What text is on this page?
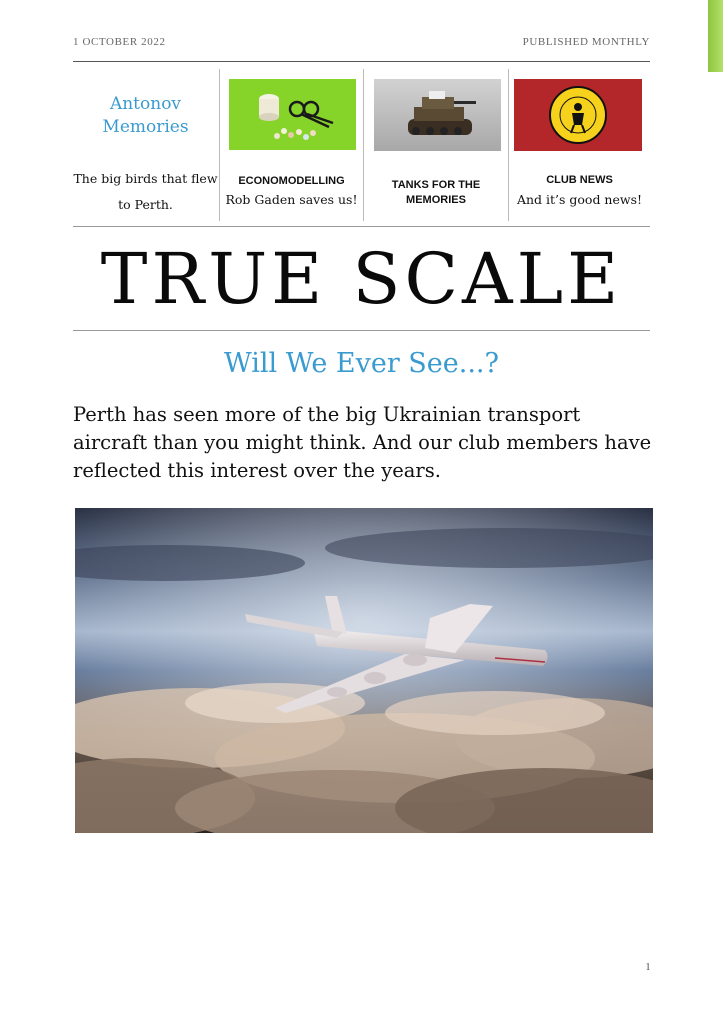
1 OCTOBER 2022	PUBLISHED MONTHLY
Antonov Memories
The big birds that flew to Perth.
ECONOMODELLING
Rob Gaden saves us!
TANKS FOR THE MEMORIES
CLUB NEWS
And it’s good news!
TRUE SCALE
Will We Ever See...?
Perth has seen more of the big Ukrainian transport aircraft than you might think. And our club members have reflected this interest over the years.
1
